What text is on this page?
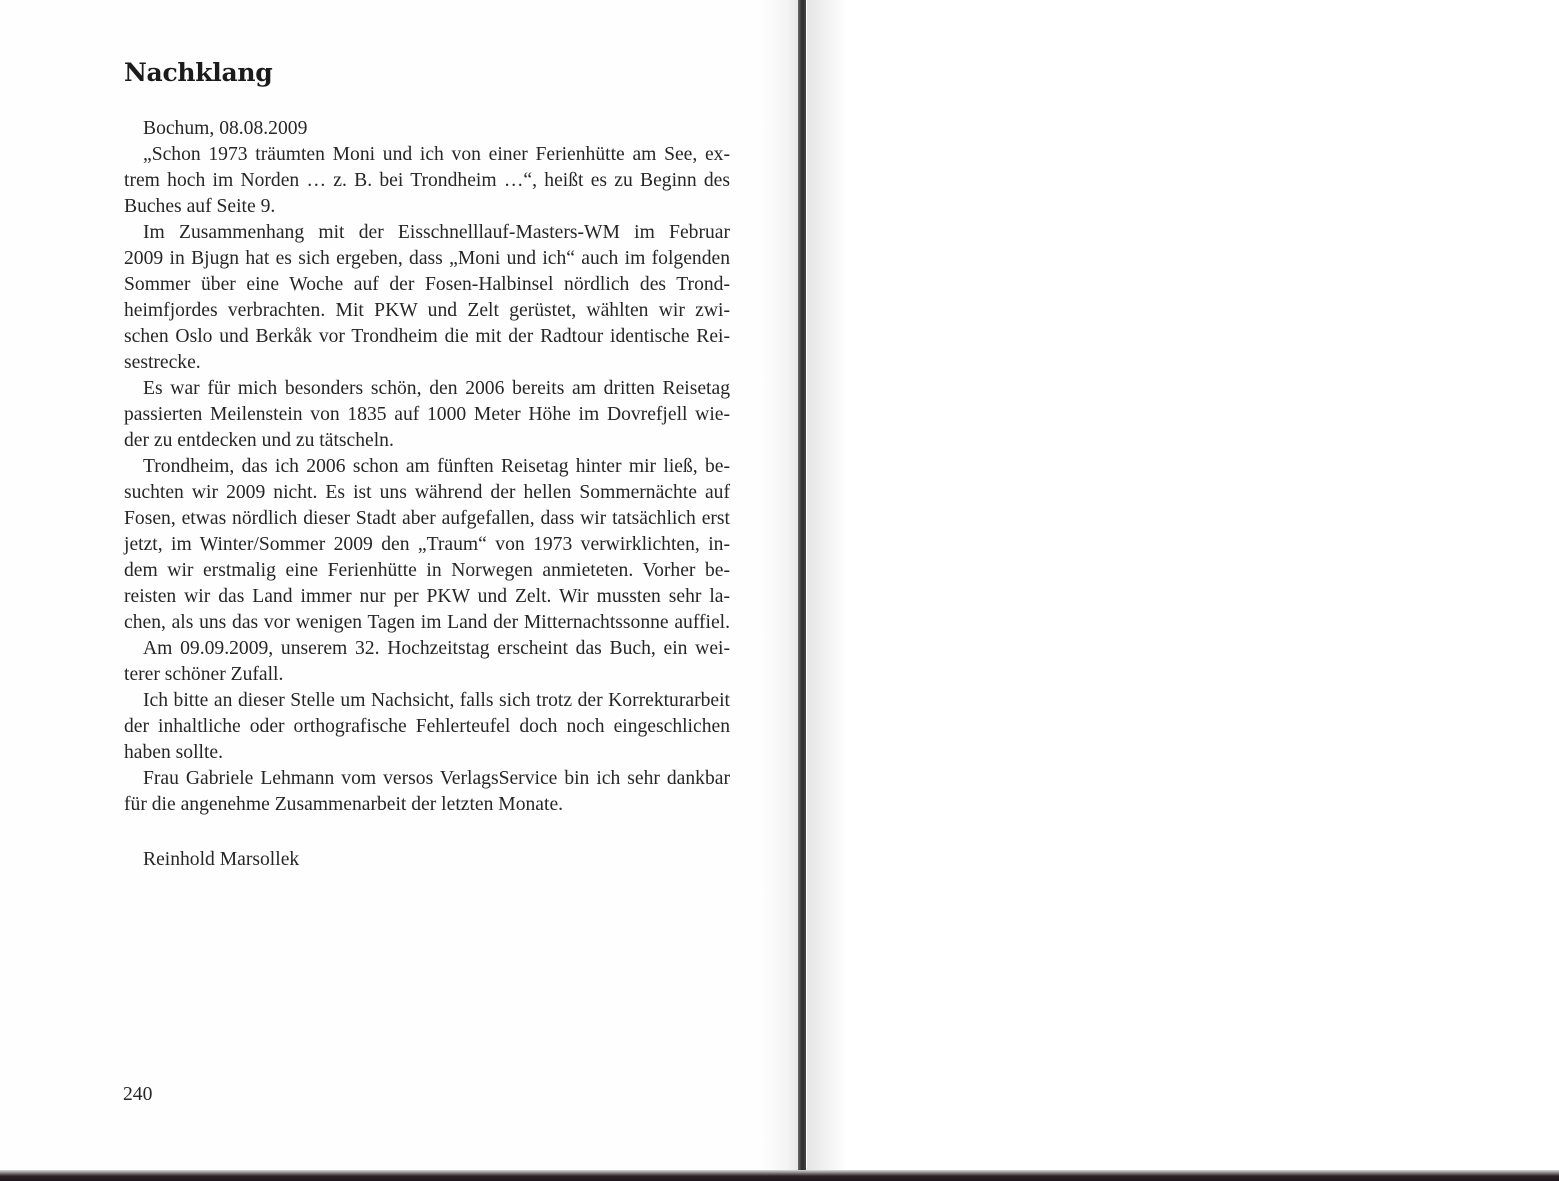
Nachklang
Bochum, 08.08.2009
„Schon 1973 träumten Moni und ich von einer Ferienhütte am See, ex-
trem hoch im Norden … z. B. bei Trondheim …“, heißt es zu Beginn des
Buches auf Seite 9.
Im Zusammenhang mit der Eisschnelllauf-Masters-WM im Februar
2009 in Bjugn hat es sich ergeben, dass „Moni und ich“ auch im folgenden
Sommer über eine Woche auf der Fosen-Halbinsel nördlich des Trond-
heimfjordes verbrachten. Mit PKW und Zelt gerüstet, wählten wir zwi-
schen Oslo und Berkåk vor Trondheim die mit der Radtour identische Rei-
sestrecke.
Es war für mich besonders schön, den 2006 bereits am dritten Reisetag
passierten Meilenstein von 1835 auf 1000 Meter Höhe im Dovrefjell wie-
der zu entdecken und zu tätscheln.
Trondheim, das ich 2006 schon am fünften Reisetag hinter mir ließ, be-
suchten wir 2009 nicht. Es ist uns während der hellen Sommernächte auf
Fosen, etwas nördlich dieser Stadt aber aufgefallen, dass wir tatsächlich erst
jetzt, im Winter/Sommer 2009 den „Traum“ von 1973 verwirklichten, in-
dem wir erstmalig eine Ferienhütte in Norwegen anmieteten. Vorher be-
reisten wir das Land immer nur per PKW und Zelt. Wir mussten sehr la-
chen, als uns das vor wenigen Tagen im Land der Mitternachtssonne auffiel.
Am 09.09.2009, unserem 32. Hochzeitstag erscheint das Buch, ein wei-
terer schöner Zufall.
Ich bitte an dieser Stelle um Nachsicht, falls sich trotz der Korrekturarbeit
der inhaltliche oder orthografische Fehlerteufel doch noch eingeschlichen
haben sollte.
Frau Gabriele Lehmann vom versos VerlagsService bin ich sehr dankbar
für die angenehme Zusammenarbeit der letzten Monate.
Reinhold Marsollek
240
